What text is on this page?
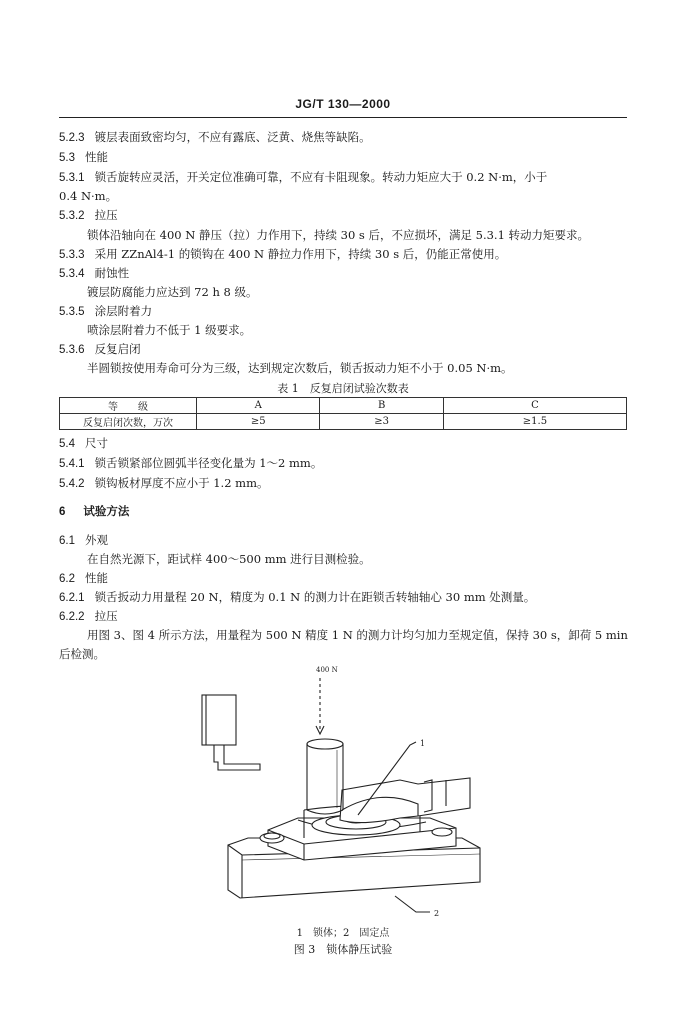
JG/T 130—2000
5.2.3 镀层表面致密均匀，不应有露底、泛黄、烧焦等缺陷。
5.3 性能
5.3.1 锁舌旋转应灵活，开关定位准确可靠，不应有卡阻现象。转动力矩应大于 0.2 N·m，小于
0.4 N·m。
5.3.2 拉压
锁体沿轴向在 400 N 静压（拉）力作用下，持续 30 s 后，不应损坏，满足 5.3.1 转动力矩要求。
5.3.3 采用 ZZnAl4-1 的锁钩在 400 N 静拉力作用下，持续 30 s 后，仍能正常使用。
5.3.4 耐蚀性
镀层防腐能力应达到 72 h 8 级。
5.3.5 涂层附着力
喷涂层附着力不低于 1 级要求。
5.3.6 反复启闭
半圆锁按使用寿命可分为三级，达到规定次数后，锁舌扳动力矩不小于 0.05 N·m。
表 1　反复启闭试验次数表
等　　级	A	B	C
反复启闭次数，万次	≥5	≥3	≥1.5
5.4 尺寸
5.4.1 锁舌锁紧部位圆弧半径变化量为 1～2 mm。
5.4.2 锁钩板材厚度不应小于 1.2 mm。
6 试验方法
6.1 外观
在自然光源下，距试样 400～500 mm 进行目测检验。
6.2 性能
6.2.1 锁舌扳动力用量程 20 N，精度为 0.1 N 的测力计在距锁舌转轴轴心 30 mm 处测量。
6.2.2 拉压
用图 3、图 4 所示方法，用量程为 500 N 精度 1 N 的测力计均匀加力至规定值，保持 30 s，卸荷 5 min
后检测。
400 N
1
2
1　锁体；2　固定点
图 3　锁体静压试验
